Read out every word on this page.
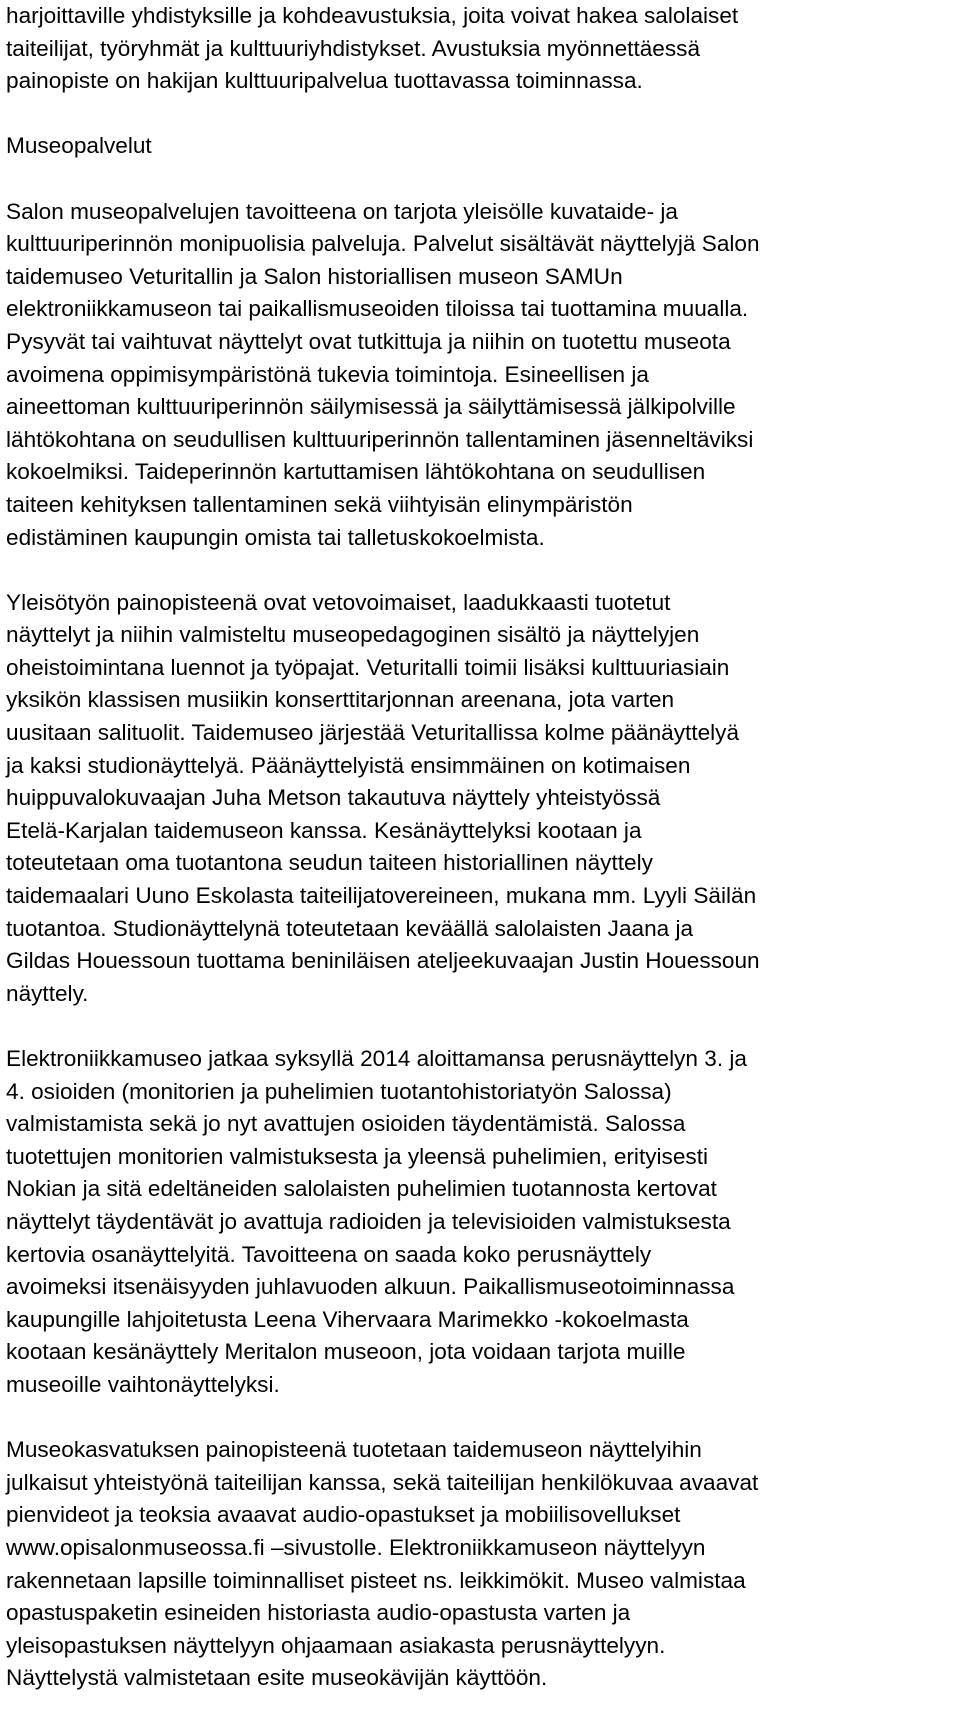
harjoittaville yhdistyksille ja kohdeavustuksia, joita voivat hakea salolaiset
taiteilijat, työryhmät ja kulttuuriyhdistykset. Avustuksia myönnettäessä
painopiste on hakijan kulttuuripalvelua tuottavassa toiminnassa.

Museopalvelut

Salon museopalvelujen tavoitteena on tarjota yleisölle kuvataide- ja
kulttuuriperinnön monipuolisia palveluja. Palvelut sisältävät näyttelyjä Salon
taidemuseo Veturitallin ja Salon historiallisen museon SAMUn
elektroniikkamuseon tai paikallismuseoiden tiloissa tai tuottamina muualla.
Pysyvät tai vaihtuvat näyttelyt ovat tutkittuja ja niihin on tuotettu museota
avoimena oppimisympäristönä tukevia toimintoja. Esineellisen ja
aineettoman kulttuuriperinnön säilymisessä ja säilyttämisessä jälkipolville
lähtökohtana on seudullisen kulttuuriperinnön tallentaminen jäsenneltäviksi
kokoelmiksi. Taideperinnön kartuttamisen lähtökohtana on seudullisen
taiteen kehityksen tallentaminen sekä viihtyisän elinympäristön
edistäminen kaupungin omista tai talletuskokoelmista.

Yleisötyön painopisteenä ovat vetovoimaiset, laadukkaasti tuotetut
näyttelyt ja niihin valmisteltu museopedagoginen sisältö ja näyttelyjen
oheistoimintana luennot ja työpajat. Veturitalli toimii lisäksi kulttuuriasiain
yksikön klassisen musiikin konserttitarjonnan areenana, jota varten
uusitaan salituolit. Taidemuseo järjestää Veturitallissa kolme päänäyttelyä
ja kaksi studionäyttelyä. Päänäyttelyistä ensimmäinen on kotimaisen
huippuvalokuvaajan Juha Metson takautuva näyttely yhteistyössä
Etelä-Karjalan taidemuseon kanssa. Kesänäyttelyksi kootaan ja
toteutetaan oma tuotantona seudun taiteen historiallinen näyttely
taidemaalari Uuno Eskolasta taiteilijatovereineen, mukana mm. Lyyli Säilän
tuotantoa. Studionäyttelynä toteutetaan keväällä salolaisten Jaana ja
Gildas Houessoun tuottama beniniläisen ateljeekuvaajan Justin Houessoun
näyttely.

Elektroniikkamuseo jatkaa syksyllä 2014 aloittamansa perusnäyttelyn 3. ja
4. osioiden (monitorien ja puhelimien tuotantohistoriatyön Salossa)
valmistamista sekä jo nyt avattujen osioiden täydentämistä. Salossa
tuotettujen monitorien valmistuksesta ja yleensä puhelimien, erityisesti
Nokian ja sitä edeltäneiden salolaisten puhelimien tuotannosta kertovat
näyttelyt täydentävät jo avattuja radioiden ja televisioiden valmistuksesta
kertovia osanäyttelyitä. Tavoitteena on saada koko perusnäyttely
avoimeksi itsenäisyyden juhlavuoden alkuun. Paikallismuseotoiminnassa
kaupungille lahjoitetusta Leena Vihervaara Marimekko -kokoelmasta
kootaan kesänäyttely Meritalon museoon, jota voidaan tarjota muille
museoille vaihtonäyttelyksi.

Museokasvatuksen painopisteenä tuotetaan taidemuseon näyttelyihin
julkaisut yhteistyönä taiteilijan kanssa, sekä taiteilijan henkilökuvaa avaavat
pienvideot ja teoksia avaavat audio-opastukset ja mobiilisovellukset
www.opisalonmuseossa.fi –sivustolle. Elektroniikkamuseon näyttelyyn
rakennetaan lapsille toiminnalliset pisteet ns. leikkimökit. Museo valmistaa
opastuspaketin esineiden historiasta audio-opastusta varten ja
yleisopastuksen näyttelyyn ohjaamaan asiakasta perusnäyttelyyn.
Näyttelystä valmistetaan esite museokävijän käyttöön.
